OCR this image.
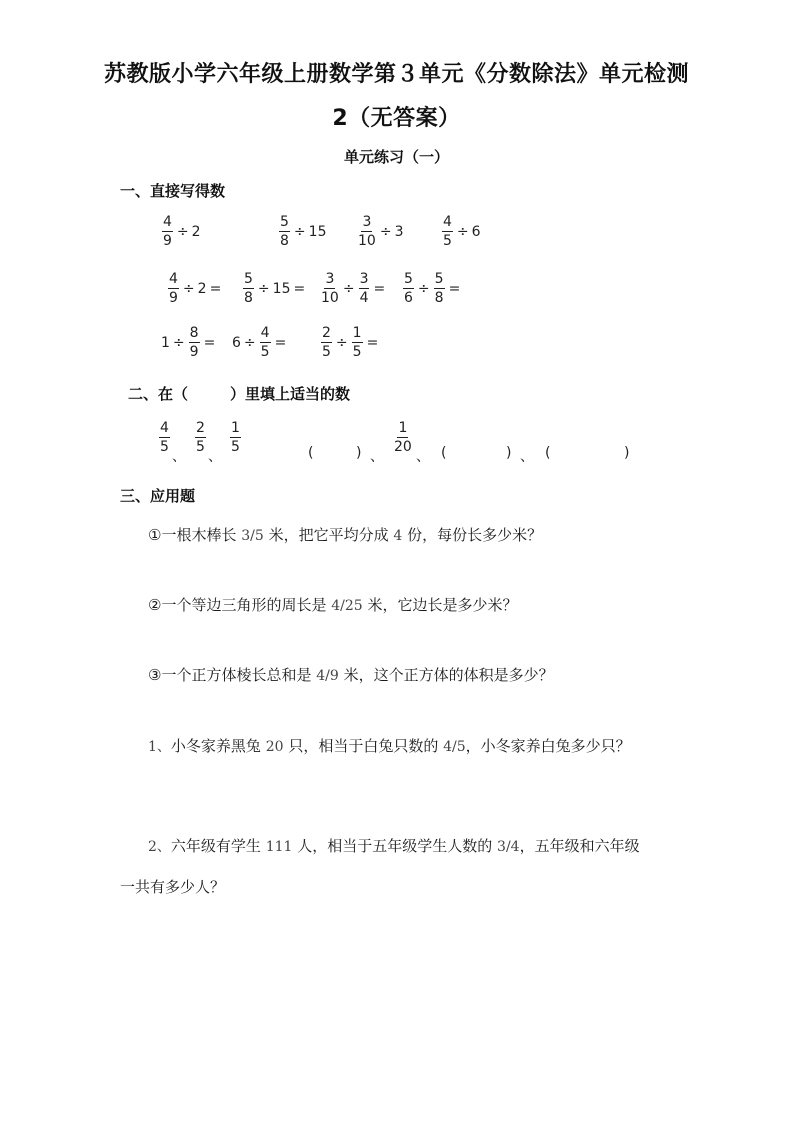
苏教版小学六年级上册数学第３单元《分数除法》单元检测
2（无答案）
单元练习（一）
一、直接写得数
$\frac{4}{9} \div 2$	$\frac{5}{8} \div 15 \frac{3}{10} \div 3$	$\frac{4}{5} \div 6$
$\frac{4}{9} \div 2 = \frac{5}{8} \div 15 = \frac{3}{10} \div \frac{3}{4} = \frac{5}{6} \div \frac{5}{8}$ =
$1 \div \frac{8}{9} = 6 \div \frac{4}{5} = \frac{2}{5} \div \frac{1}{5}$ =
二、在（	）里填上适当的数
$\frac{4}{5}$
、
$\frac{2}{5}$
、
$\frac{1}{5}$	(	) 、
$\frac{1}{20}$
、 (	) 、 (	)
三、应用题
①一根木棒长 3/5 米，把它平均分成 4 份，每份长多少米？
②一个等边三角形的周长是 4/25 米，它边长是多少米？
③一个正方体棱长总和是 4/9 米，这个正方体的体积是多少？
1、小冬家养黑兔 20 只，相当于白兔只数的 4/5，小冬家养白兔多少只？
2、六年级有学生 111 人，相当于五年级学生人数的 3/4，五年级和六年级
一共有多少人？
